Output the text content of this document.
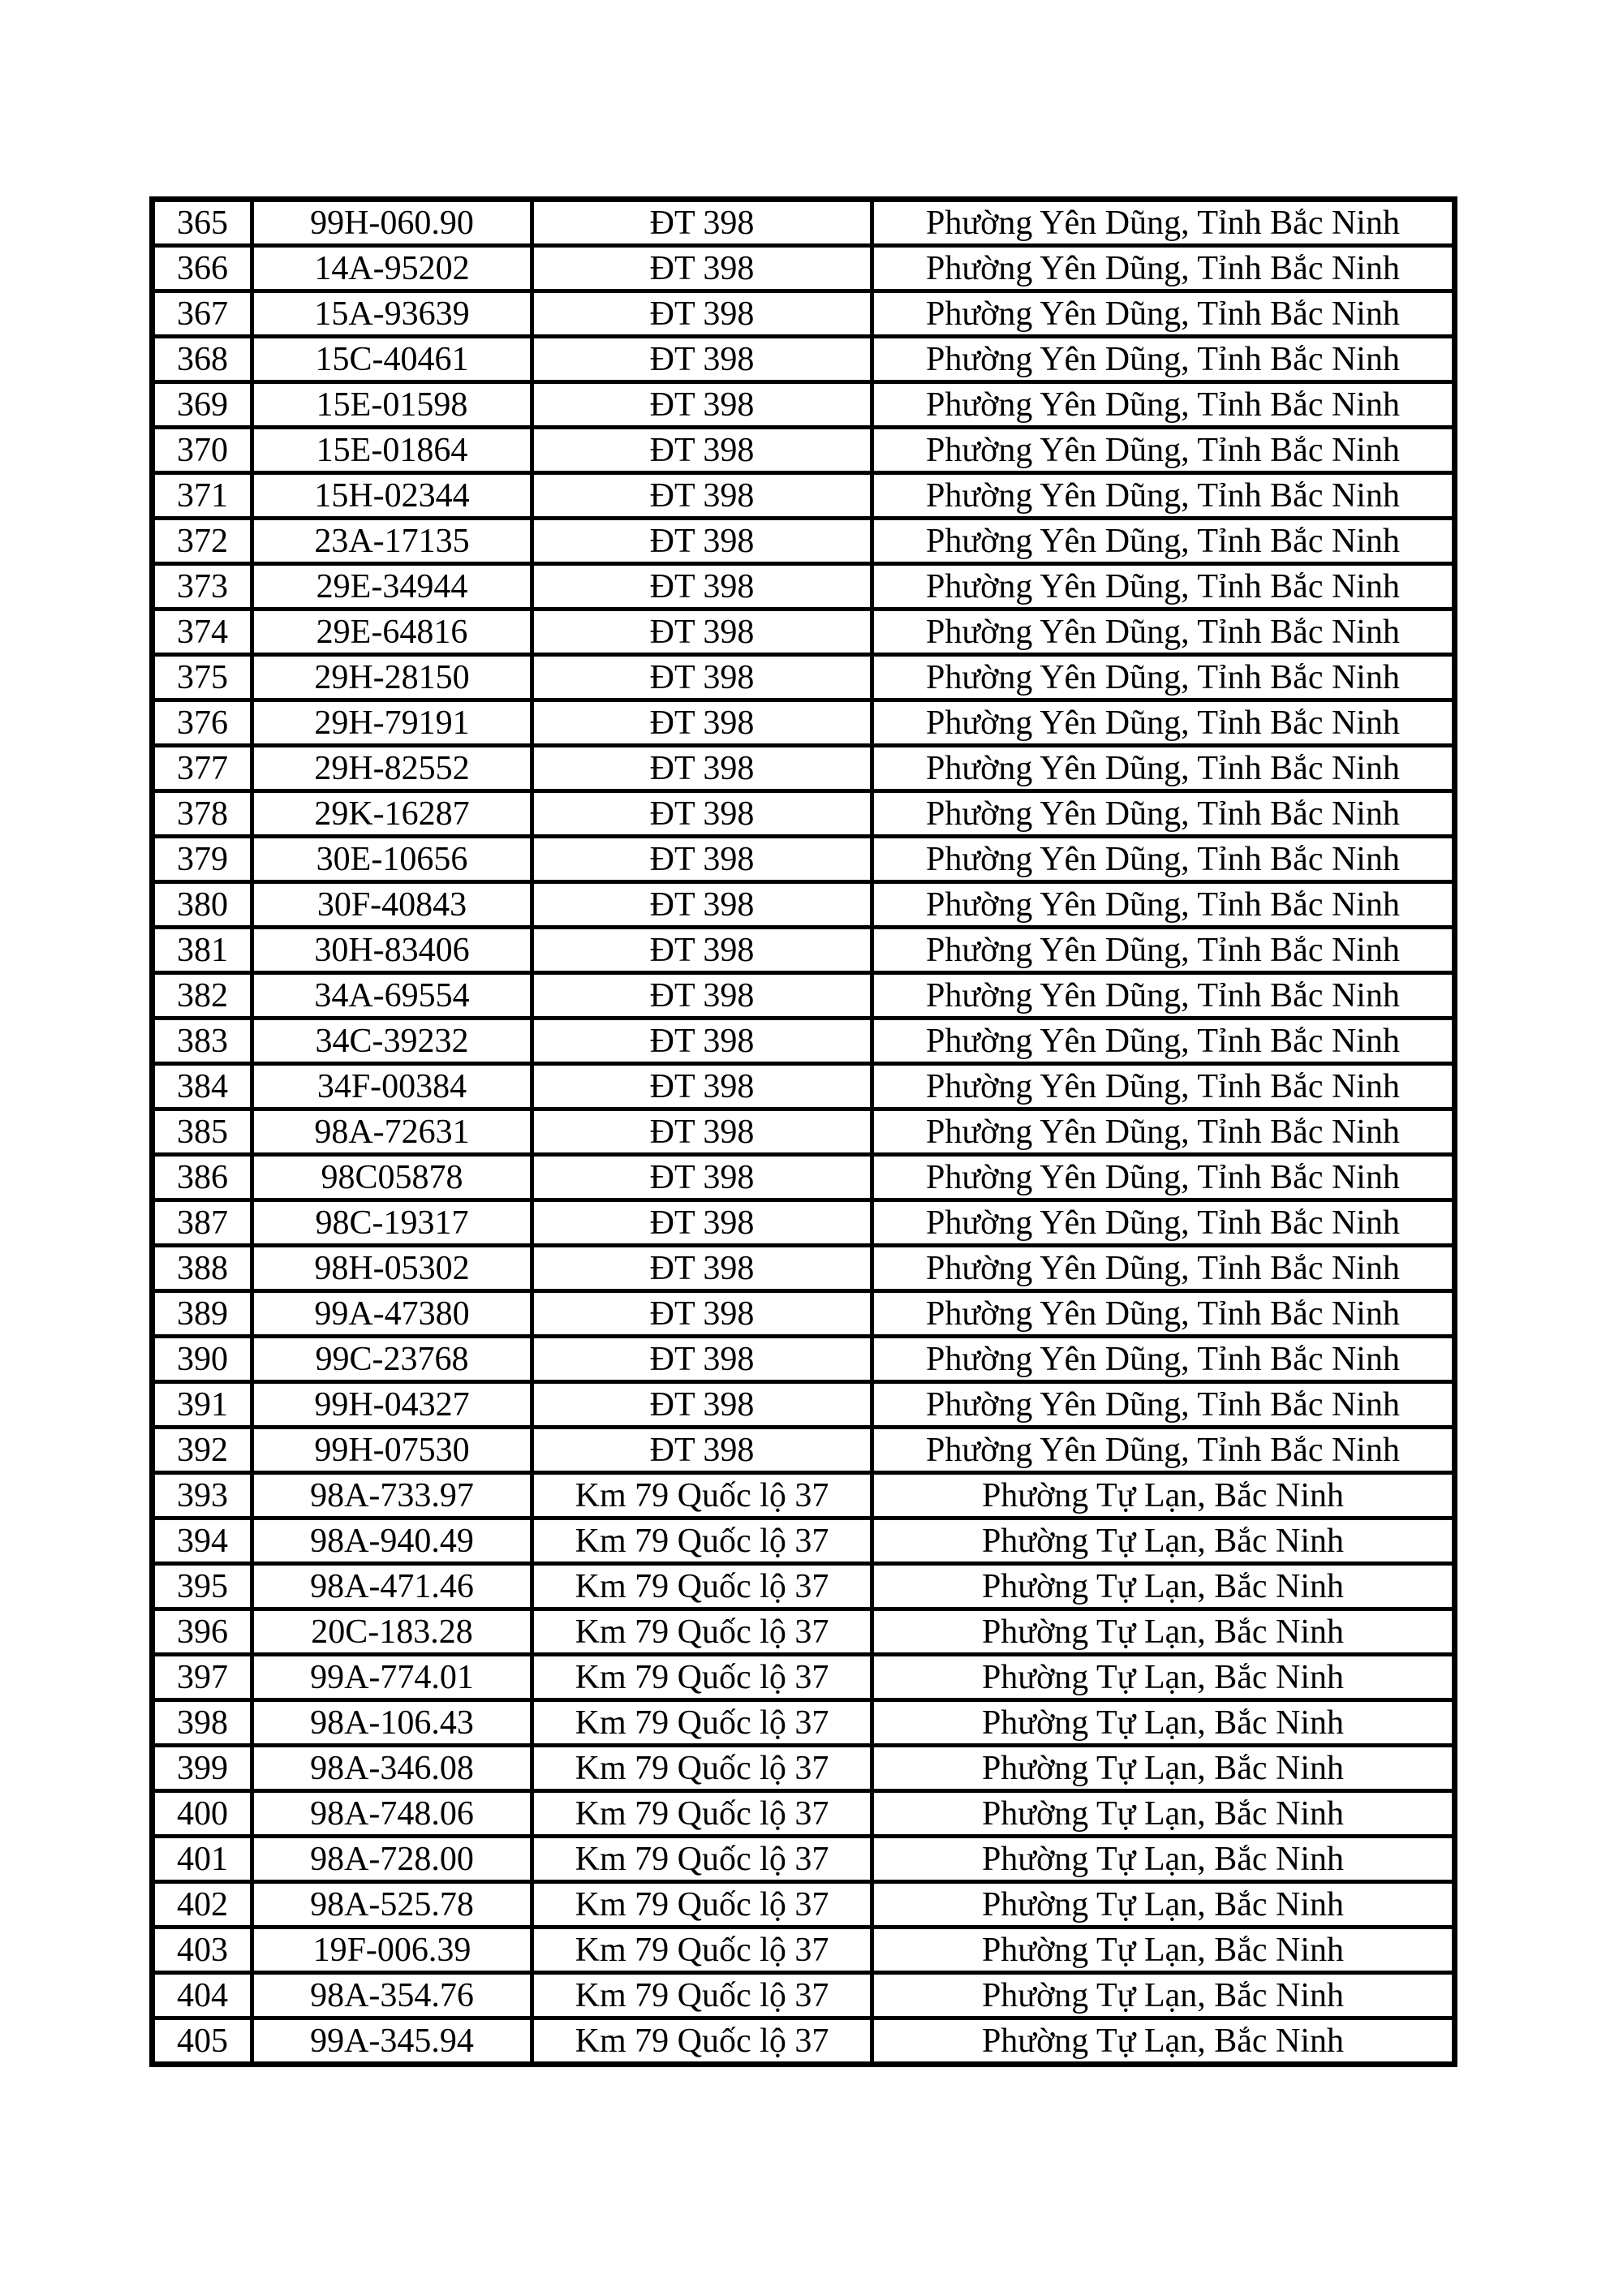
365	99H-060.90	ĐT 398	Phường Yên Dũng, Tỉnh Bắc Ninh
366	14A-95202	ĐT 398	Phường Yên Dũng, Tỉnh Bắc Ninh
367	15A-93639	ĐT 398	Phường Yên Dũng, Tỉnh Bắc Ninh
368	15C-40461	ĐT 398	Phường Yên Dũng, Tỉnh Bắc Ninh
369	15E-01598	ĐT 398	Phường Yên Dũng, Tỉnh Bắc Ninh
370	15E-01864	ĐT 398	Phường Yên Dũng, Tỉnh Bắc Ninh
371	15H-02344	ĐT 398	Phường Yên Dũng, Tỉnh Bắc Ninh
372	23A-17135	ĐT 398	Phường Yên Dũng, Tỉnh Bắc Ninh
373	29E-34944	ĐT 398	Phường Yên Dũng, Tỉnh Bắc Ninh
374	29E-64816	ĐT 398	Phường Yên Dũng, Tỉnh Bắc Ninh
375	29H-28150	ĐT 398	Phường Yên Dũng, Tỉnh Bắc Ninh
376	29H-79191	ĐT 398	Phường Yên Dũng, Tỉnh Bắc Ninh
377	29H-82552	ĐT 398	Phường Yên Dũng, Tỉnh Bắc Ninh
378	29K-16287	ĐT 398	Phường Yên Dũng, Tỉnh Bắc Ninh
379	30E-10656	ĐT 398	Phường Yên Dũng, Tỉnh Bắc Ninh
380	30F-40843	ĐT 398	Phường Yên Dũng, Tỉnh Bắc Ninh
381	30H-83406	ĐT 398	Phường Yên Dũng, Tỉnh Bắc Ninh
382	34A-69554	ĐT 398	Phường Yên Dũng, Tỉnh Bắc Ninh
383	34C-39232	ĐT 398	Phường Yên Dũng, Tỉnh Bắc Ninh
384	34F-00384	ĐT 398	Phường Yên Dũng, Tỉnh Bắc Ninh
385	98A-72631	ĐT 398	Phường Yên Dũng, Tỉnh Bắc Ninh
386	98C05878	ĐT 398	Phường Yên Dũng, Tỉnh Bắc Ninh
387	98C-19317	ĐT 398	Phường Yên Dũng, Tỉnh Bắc Ninh
388	98H-05302	ĐT 398	Phường Yên Dũng, Tỉnh Bắc Ninh
389	99A-47380	ĐT 398	Phường Yên Dũng, Tỉnh Bắc Ninh
390	99C-23768	ĐT 398	Phường Yên Dũng, Tỉnh Bắc Ninh
391	99H-04327	ĐT 398	Phường Yên Dũng, Tỉnh Bắc Ninh
392	99H-07530	ĐT 398	Phường Yên Dũng, Tỉnh Bắc Ninh
393	98A-733.97	Km 79 Quốc lộ 37	Phường Tự Lạn, Bắc Ninh
394	98A-940.49	Km 79 Quốc lộ 37	Phường Tự Lạn, Bắc Ninh
395	98A-471.46	Km 79 Quốc lộ 37	Phường Tự Lạn, Bắc Ninh
396	20C-183.28	Km 79 Quốc lộ 37	Phường Tự Lạn, Bắc Ninh
397	99A-774.01	Km 79 Quốc lộ 37	Phường Tự Lạn, Bắc Ninh
398	98A-106.43	Km 79 Quốc lộ 37	Phường Tự Lạn, Bắc Ninh
399	98A-346.08	Km 79 Quốc lộ 37	Phường Tự Lạn, Bắc Ninh
400	98A-748.06	Km 79 Quốc lộ 37	Phường Tự Lạn, Bắc Ninh
401	98A-728.00	Km 79 Quốc lộ 37	Phường Tự Lạn, Bắc Ninh
402	98A-525.78	Km 79 Quốc lộ 37	Phường Tự Lạn, Bắc Ninh
403	19F-006.39	Km 79 Quốc lộ 37	Phường Tự Lạn, Bắc Ninh
404	98A-354.76	Km 79 Quốc lộ 37	Phường Tự Lạn, Bắc Ninh
405	99A-345.94	Km 79 Quốc lộ 37	Phường Tự Lạn, Bắc Ninh
